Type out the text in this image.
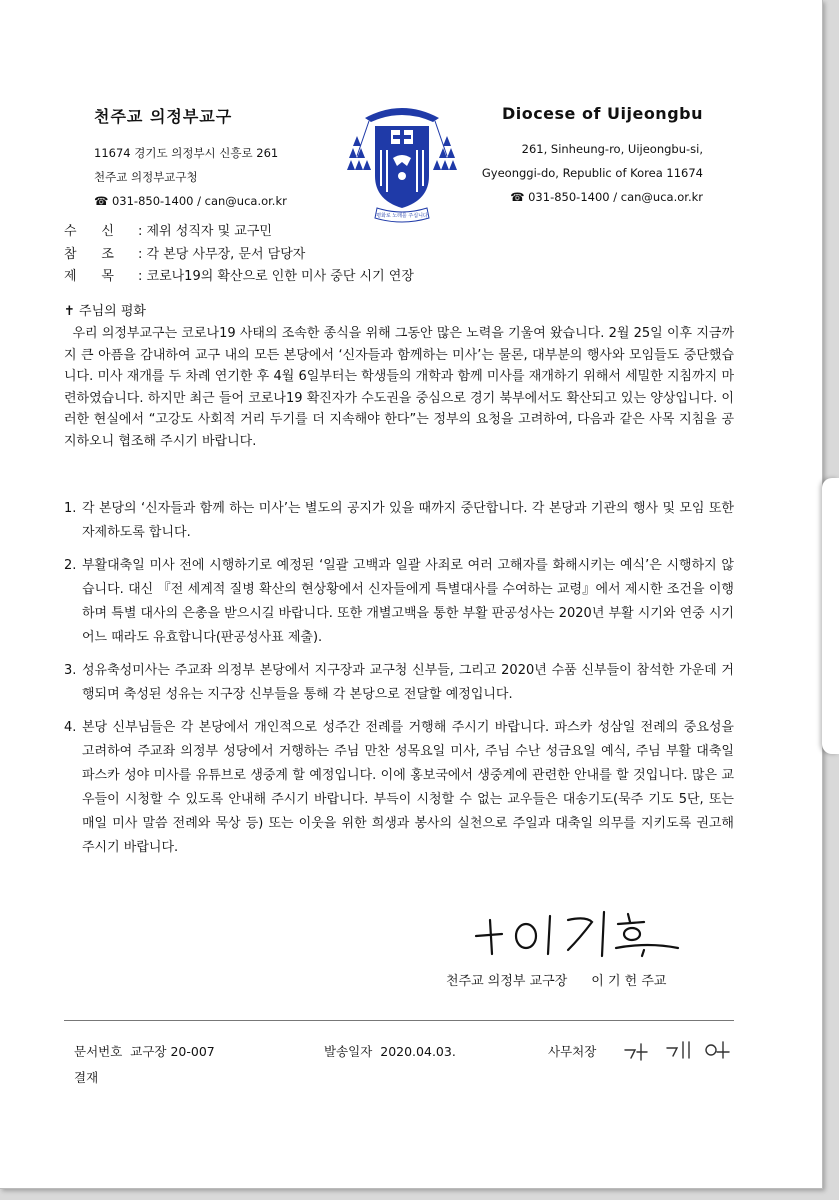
천주교 의정부교구
11674 경기도 의정부시 신흥로 261
천주교 의정부교구청
☎ 031-850-1400 / can@uca.or.kr
평화로 노래를 주십니다
Diocese of Uijeongbu
261, Sinheung-ro, Uijeongbu-si,
Gyeonggi-do, Republic of Korea 11674
☎ 031-850-1400 / can@uca.or.kr
수      신 : 제위 성직자 및 교구민
참      조 : 각 본당 사무장, 문서 담당자
제      목 : 코로나19의 확산으로 인한 미사 중단 시기 연장
✝ 주님의 평화
우리 의정부교구는 코로나19 사태의 조속한 종식을 위해 그동안 많은 노력을 기울여 왔습니다. 2월 25일 이후 지금까지 큰 아픔을 감내하여 교구 내의 모든 본당에서 ‘신자들과 함께하는 미사’는 물론, 대부분의 행사와 모임들도 중단했습니다. 미사 재개를 두 차례 연기한 후 4월 6일부터는 학생들의 개학과 함께 미사를 재개하기 위해서 세밀한 지침까지 마련하였습니다. 하지만 최근 들어 코로나19 확진자가 수도권을 중심으로 경기 북부에서도 확산되고 있는 양상입니다. 이러한 현실에서 “고강도 사회적 거리 두기를 더 지속해야 한다”는 정부의 요청을 고려하여, 다음과 같은 사목 지침을 공지하오니 협조해 주시기 바랍니다.
1. 각 본당의 ‘신자들과 함께 하는 미사’는 별도의 공지가 있을 때까지 중단합니다. 각 본당과 기관의 행사 및 모임 또한 자제하도록 합니다.
2. 부활대축일 미사 전에 시행하기로 예정된 ‘일괄 고백과 일괄 사죄로 여러 고해자를 화해시키는 예식’은 시행하지 않습니다. 대신 『전 세계적 질병 확산의 현상황에서 신자들에게 특별대사를 수여하는 교령』에서 제시한 조건을 이행하며 특별 대사의 은총을 받으시길 바랍니다. 또한 개별고백을 통한 부활 판공성사는 2020년 부활 시기와 연중 시기 어느 때라도 유효합니다(판공성사표 제출).
3. 성유축성미사는 주교좌 의정부 본당에서 지구장과 교구청 신부들, 그리고 2020년 수품 신부들이 참석한 가운데 거행되며 축성된 성유는 지구장 신부들을 통해 각 본당으로 전달할 예정입니다.
4. 본당 신부님들은 각 본당에서 개인적으로 성주간 전례를 거행해 주시기 바랍니다. 파스카 성삼일 전례의 중요성을 고려하여 주교좌 의정부 성당에서 거행하는 주님 만찬 성목요일 미사, 주님 수난 성금요일 예식, 주님 부활 대축일 파스카 성야 미사를 유튜브로 생중계 할 예정입니다. 이에 홍보국에서 생중계에 관련한 안내를 할 것입니다. 많은 교우들이 시청할 수 있도록 안내해 주시기 바랍니다. 부득이 시청할 수 없는 교우들은 대송기도(묵주 기도 5단, 또는 매일 미사 말씀 전례와 묵상 등) 또는 이웃을 위한 희생과 봉사의 실천으로 주일과 대축일 의무를 지키도록 권고해 주시기 바랍니다.
천주교 의정부 교구장 이 기 헌 주교
문서번호  교구장 20-007	발송일자  2020.04.03.	사무처장
결재
